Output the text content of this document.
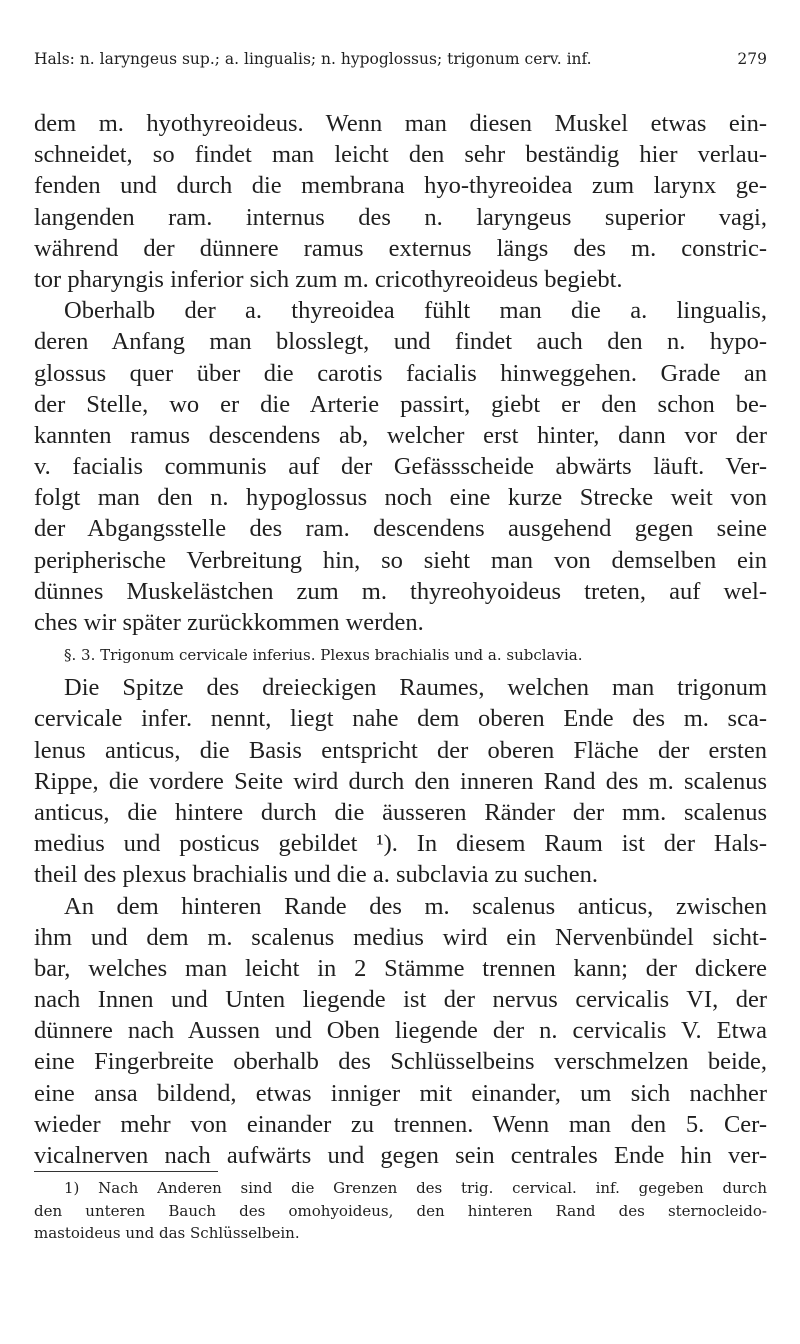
Hals: n. laryngeus sup.; a. lingualis; n. hypoglossus; trigonum cerv. inf.	279
dem m. hyothyreoideus. Wenn man diesen Muskel etwas ein-
schneidet, so findet man leicht den sehr beständig hier verlau-
fenden und durch die membrana hyo-thyreoidea zum larynx ge-
langenden ram. internus des n. laryngeus superior vagi,
während der dünnere ramus externus längs des m. constric-
tor pharyngis inferior sich zum m. cricothyreoideus begiebt.
Oberhalb der a. thyreoidea fühlt man die a. lingualis,
deren Anfang man blosslegt, und findet auch den n. hypo-
glossus quer über die carotis facialis hinweggehen. Grade an
der Stelle, wo er die Arterie passirt, giebt er den schon be-
kannten ramus descendens ab, welcher erst hinter, dann vor der
v. facialis communis auf der Gefässscheide abwärts läuft. Ver-
folgt man den n. hypoglossus noch eine kurze Strecke weit von
der Abgangsstelle des ram. descendens ausgehend gegen seine
peripherische Verbreitung hin, so sieht man von demselben ein
dünnes Muskelästchen zum m. thyreohyoideus treten, auf wel-
ches wir später zurückkommen werden.
§. 3. Trigonum cervicale inferius. Plexus brachialis und a. subclavia.
Die Spitze des dreieckigen Raumes, welchen man trigonum
cervicale infer. nennt, liegt nahe dem oberen Ende des m. sca-
lenus anticus, die Basis entspricht der oberen Fläche der ersten
Rippe, die vordere Seite wird durch den inneren Rand des m. scalenus
anticus, die hintere durch die äusseren Ränder der mm. scalenus
medius und posticus gebildet ¹). In diesem Raum ist der Hals-
theil des plexus brachialis und die a. subclavia zu suchen.
An dem hinteren Rande des m. scalenus anticus, zwischen
ihm und dem m. scalenus medius wird ein Nervenbündel sicht-
bar, welches man leicht in 2 Stämme trennen kann; der dickere
nach Innen und Unten liegende ist der nervus cervicalis VI, der
dünnere nach Aussen und Oben liegende der n. cervicalis V. Etwa
eine Fingerbreite oberhalb des Schlüsselbeins verschmelzen beide,
eine ansa bildend, etwas inniger mit einander, um sich nachher
wieder mehr von einander zu trennen. Wenn man den 5. Cer-
vicalnerven nach aufwärts und gegen sein centrales Ende hin ver-
1) Nach Anderen sind die Grenzen des trig. cervical. inf. gegeben durch
den unteren Bauch des omohyoideus, den hinteren Rand des sternocleido-
mastoideus und das Schlüsselbein.
